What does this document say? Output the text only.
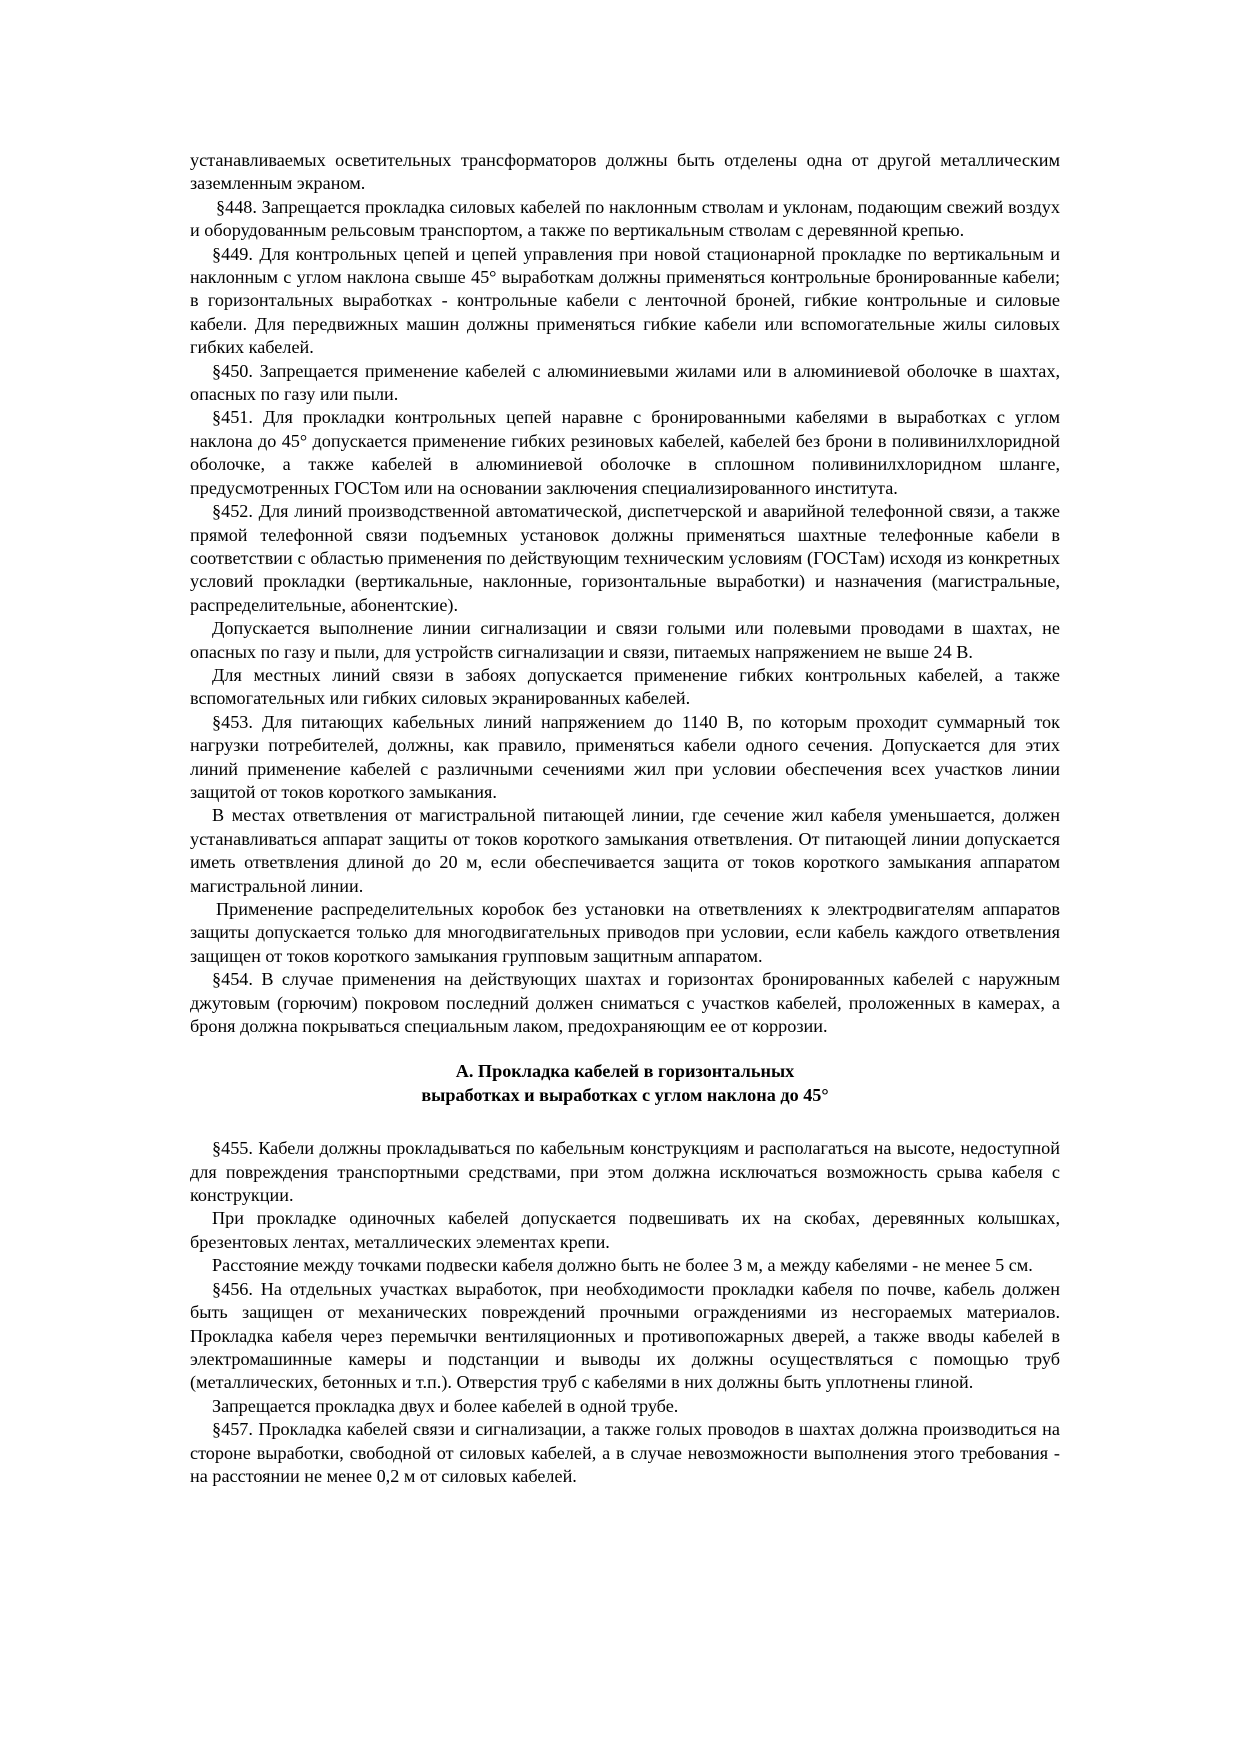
устанавливаемых осветительных трансформаторов должны быть отделены одна от другой металлическим заземленным экраном.

§448. Запрещается прокладка силовых кабелей по наклонным стволам и уклонам, подающим свежий воздух и оборудованным рельсовым транспортом, а также по вертикальным стволам с деревянной крепью.

§449. Для контрольных цепей и цепей управления при новой стационарной прокладке по вертикальным и наклонным с углом наклона свыше 45° выработкам должны применяться контрольные бронированные кабели; в горизонтальных выработках - контрольные кабели с ленточной броней, гибкие контрольные и силовые кабели. Для передвижных машин должны применяться гибкие кабели или вспомогательные жилы силовых гибких кабелей.

§450. Запрещается применение кабелей с алюминиевыми жилами или в алюминиевой оболочке в шахтах, опасных по газу или пыли.

§451. Для прокладки контрольных цепей наравне с бронированными кабелями в выработках с углом наклона до 45° допускается применение гибких резиновых кабелей, кабелей без брони в поливинилхлоридной оболочке, а также кабелей в алюминиевой оболочке в сплошном поливинилхлоридном шланге, предусмотренных ГОСТом или на основании заключения специализированного института.

§452. Для линий производственной автоматической, диспетчерской и аварийной телефонной связи, а также прямой телефонной связи подъемных установок должны применяться шахтные телефонные кабели в соответствии с областью применения по действующим техническим условиям (ГОСТам) исходя из конкретных условий прокладки (вертикальные, наклонные, горизонтальные выработки) и назначения (магистральные, распределительные, абонентские).

Допускается выполнение линии сигнализации и связи голыми или полевыми проводами в шахтах, не опасных по газу и пыли, для устройств сигнализации и связи, питаемых напряжением не выше 24 В.

Для местных линий связи в забоях допускается применение гибких контрольных кабелей, а также вспомогательных или гибких силовых экранированных кабелей.

§453. Для питающих кабельных линий напряжением до 1140 В, по которым проходит суммарный ток нагрузки потребителей, должны, как правило, применяться кабели одного сечения. Допускается для этих линий применение кабелей с различными сечениями жил при условии обеспечения всех участков линии защитой от токов короткого замыкания.

В местах ответвления от магистральной питающей линии, где сечение жил кабеля уменьшается, должен устанавливаться аппарат защиты от токов короткого замыкания ответвления. От питающей линии допускается иметь ответвления длиной до 20 м, если обеспечивается защита от токов короткого замыкания аппаратом магистральной линии.

Применение распределительных коробок без установки на ответвлениях к электродвигателям аппаратов защиты допускается только для многодвигательных приводов при условии, если кабель каждого ответвления защищен от токов короткого замыкания групповым защитным аппаратом.

§454. В случае применения на действующих шахтах и горизонтах бронированных кабелей с наружным джутовым (горючим) покровом последний должен сниматься с участков кабелей, проложенных в камерах, а броня должна покрываться специальным лаком, предохраняющим ее от коррозии.

А. Прокладка кабелей в горизонтальных
выработках и выработках с углом наклона до 45°

§455. Кабели должны прокладываться по кабельным конструкциям и располагаться на высоте, недоступной для повреждения транспортными средствами, при этом должна исключаться возможность срыва кабеля с конструкции.

При прокладке одиночных кабелей допускается подвешивать их на скобах, деревянных колышках, брезентовых лентах, металлических элементах крепи.

Расстояние между точками подвески кабеля должно быть не более 3 м, а между кабелями - не менее 5 см.

§456. На отдельных участках выработок, при необходимости прокладки кабеля по почве, кабель должен быть защищен от механических повреждений прочными ограждениями из несгораемых материалов. Прокладка кабеля через перемычки вентиляционных и противопожарных дверей, а также вводы кабелей в электромашинные камеры и подстанции и выводы их должны осуществляться с помощью труб (металлических, бетонных и т.п.). Отверстия труб с кабелями в них должны быть уплотнены глиной.

Запрещается прокладка двух и более кабелей в одной трубе.

§457. Прокладка кабелей связи и сигнализации, а также голых проводов в шахтах должна производиться на стороне выработки, свободной от силовых кабелей, а в случае невозможности выполнения этого требования - на расстоянии не менее 0,2 м от силовых кабелей.
